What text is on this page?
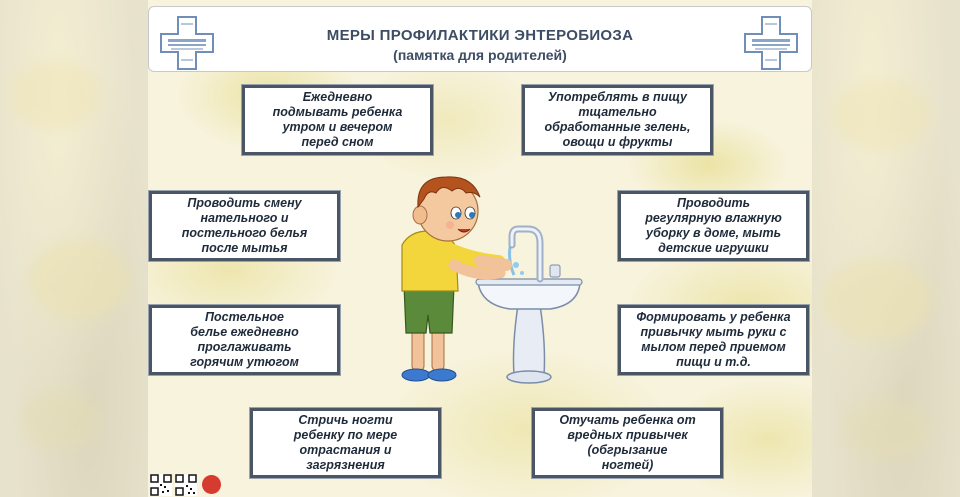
МЕРЫ ПРОФИЛАКТИКИ ЭНТЕРОБИОЗА
(памятка для родителей)
Ежедневно
подмывать ребенка
утром и вечером
перед сном
Употреблять в пищу
тщательно
обработанные зелень,
овощи и фрукты
Проводить смену
нательного и
постельного белья
после мытья
Проводить
регулярную влажную
уборку в доме, мыть
детские игрушки
Постельное
белье ежедневно
проглаживать
горячим утюгом
Формировать у ребенка
привычку мыть руки с
мылом перед приемом
пищи и т.д.
Стричь ногти
ребенку по мере
отрастания и
загрязнения
Отучать ребенка от
вредных привычек
(обгрызание
ногтей)
